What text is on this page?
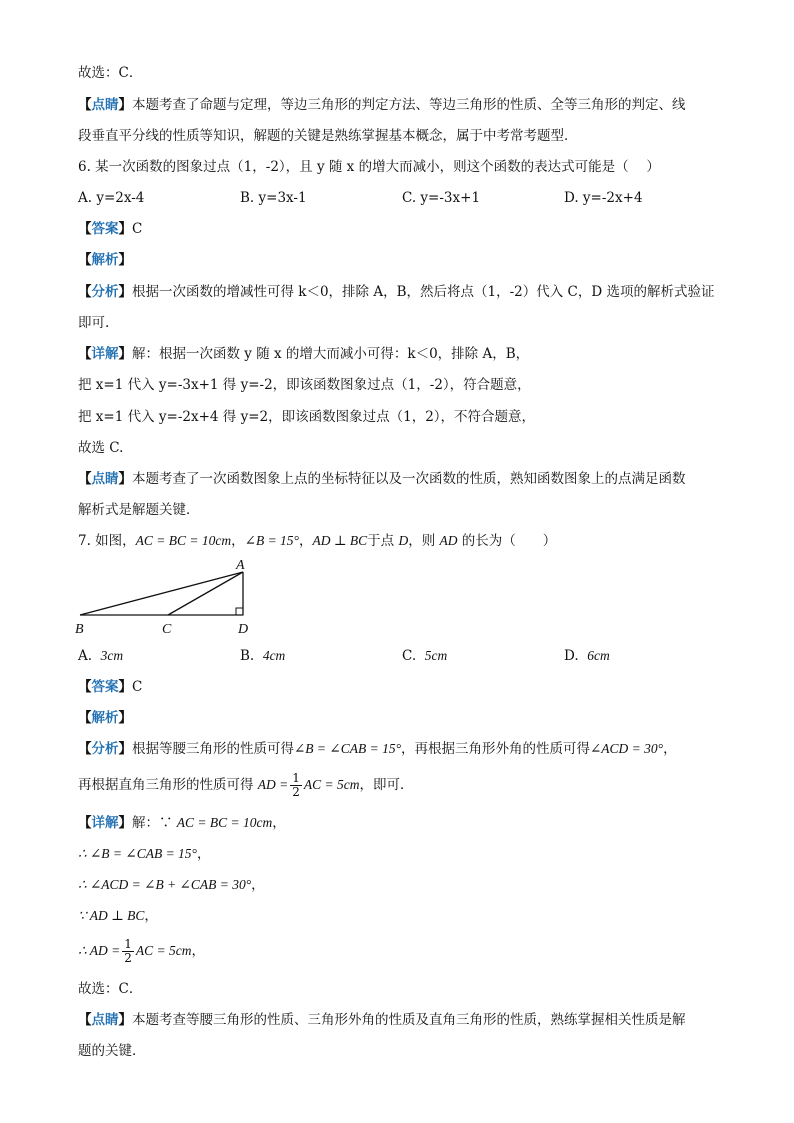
故选：C．
【点睛】本题考查了命题与定理，等边三角形的判定方法、等边三角形的性质、全等三角形的判定、线
段垂直平分线的性质等知识，解题的关键是熟练掌握基本概念，属于中考常考题型．
6. 某一次函数的图象过点（1，-2），且 y 随 x 的增大而减小，则这个函数的表达式可能是（　 ）
A. y=2x-4	B. y=3x-1	C. y=-3x+1	D. y=-2x+4
【答案】C
【解析】
【分析】根据一次函数的增减性可得 k＜0，排除 A，B，然后将点（1，-2）代入 C，D 选项的解析式验证
即可.
【详解】解：根据一次函数 y 随 x 的增大而减小可得：k＜0，排除 A，B，
把 x=1 代入 y=-3x+1 得 y=-2，即该函数图象过点（1，-2），符合题意，
把 x=1 代入 y=-2x+4 得 y=2，即该函数图象过点（1，2），不符合题意，
故选 C.
【点睛】本题考查了一次函数图象上点的坐标特征以及一次函数的性质，熟知函数图象上的点满足函数
解析式是解题关键．
7. 如图，AC = BC = 10cm，∠B = 15°，AD ⊥ BC于点 D，则 AD 的长为（　　）
A
B	C	D
A. 3cm	B. 4cm	C. 5cm	D. 6cm
【答案】C
【解析】
【分析】根据等腰三角形的性质可得∠B = ∠CAB = 15°，再根据三角形外角的性质可得∠ACD = 30°，
再根据直角三角形的性质可得 AD = $\frac{1}{2}$ AC = 5cm，即可．
【详解】解：∵ AC = BC = 10cm，
∴ ∠B = ∠CAB = 15°，
∴ ∠ACD = ∠B + ∠CAB = 30°，
∵ AD ⊥ BC，
∴ AD = $\frac{1}{2}$ AC = 5cm，
故选：C．
【点睛】本题考查等腰三角形的性质、三角形外角的性质及直角三角形的性质，熟练掌握相关性质是解
题的关键．
